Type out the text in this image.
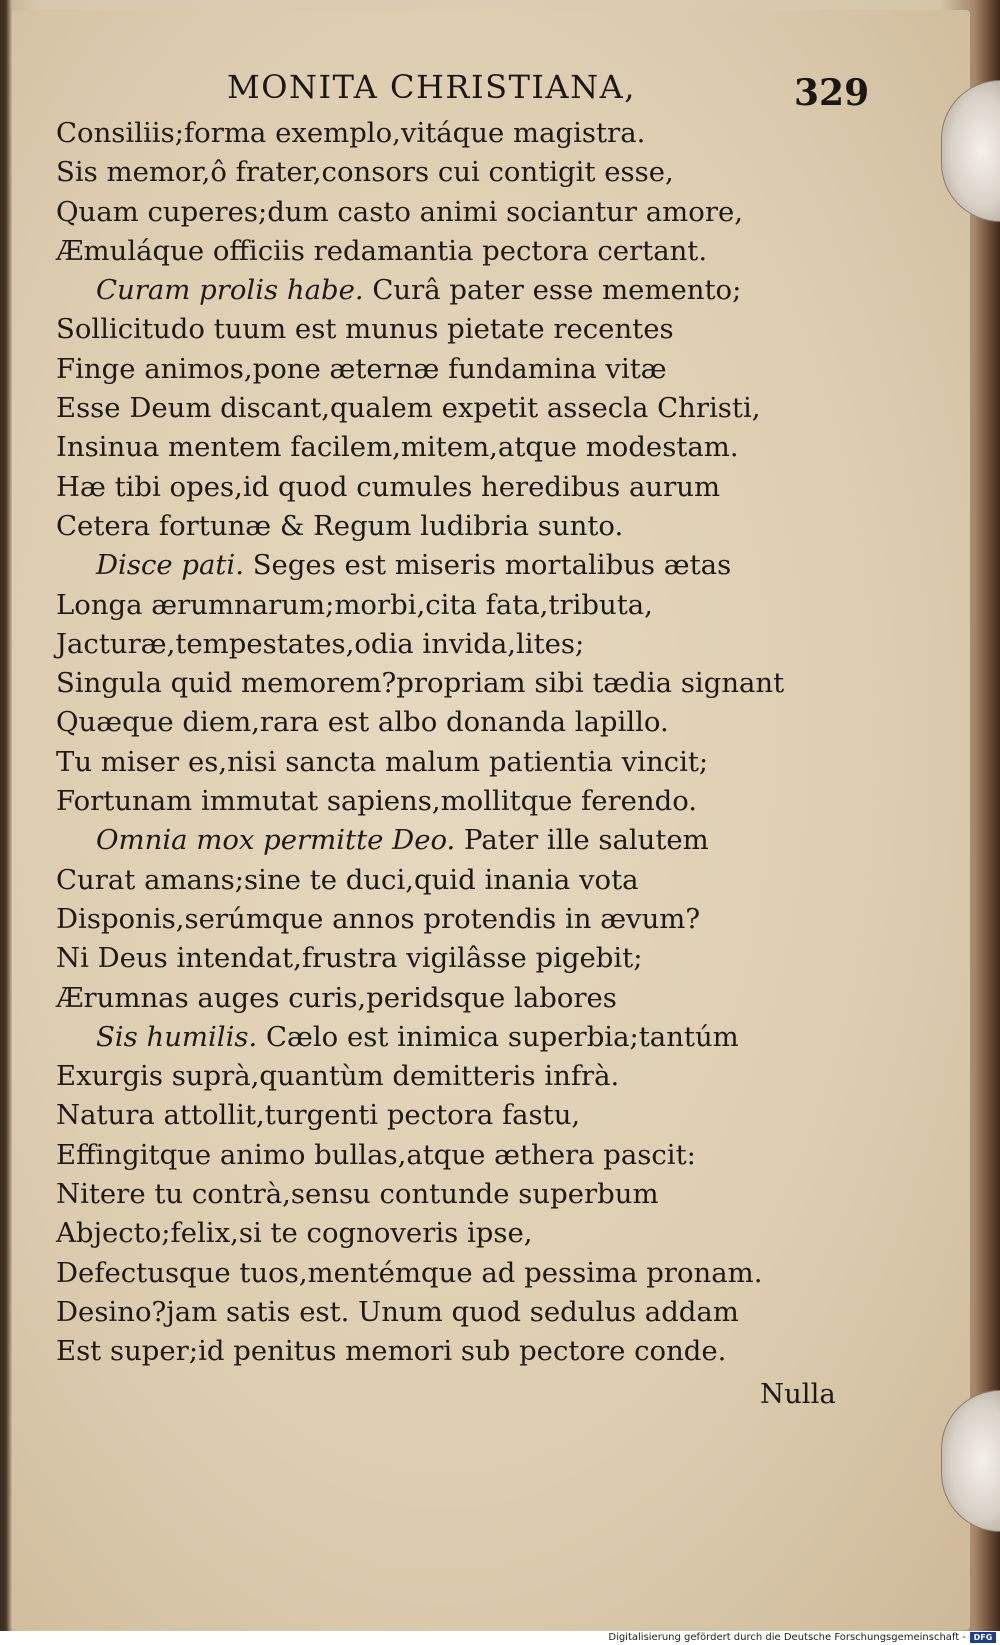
MONITA CHRISTIANA,	329
Consiliis;forma exemplo,vitáque magistra.
Sis memor,ô frater,consors cui contigit esse,
Quam cuperes;dum casto animi sociantur amore,
Æmuláque officiis redamantia pectora certant.
Curam prolis habe. Curâ pater esse memento;
Sollicitudo tuum est munus pietate recentes
Finge animos,pone æternæ fundamina vitæ
Esse Deum discant,qualem expetit assecla Christi,
Insinua mentem facilem,mitem,atque modestam.
Hæ tibi opes,id quod cumules heredibus aurum
Cetera fortunæ & Regum ludibria sunto.
Disce pati. Seges est miseris mortalibus ætas
Longa ærumnarum;morbi,cita fata,tributa,
Jacturæ,tempestates,odia invida,lites;
Singula quid memorem?propriam sibi tædia signant
Quæque diem,rara est albo donanda lapillo.
Tu miser es,nisi sancta malum patientia vincit;
Fortunam immutat sapiens,mollitque ferendo.
Omnia mox permitte Deo. Pater ille salutem
Curat amans;sine te duci,quid inania vota
Disponis,serúmque annos protendis in ævum?
Ni Deus intendat,frustra vigilâsse pigebit;
Ærumnas auges curis,peridsque labores
Sis humilis. Cælo est inimica superbia;tantúm
Exurgis suprà,quantùm demitteris infrà.
Natura attollit,turgenti pectora fastu,
Effingitque animo bullas,atque æthera pascit:
Nitere tu contrà,sensu contunde superbum
Abjecto;felix,si te cognoveris ipse,
Defectusque tuos,mentémque ad pessima pronam.
Desino?jam satis est. Unum quod sedulus addam
Est super;id penitus memori sub pectore conde.
Nulla
Digitalisierung gefördert durch die Deutsche Forschungsgemeinschaft - DFG
